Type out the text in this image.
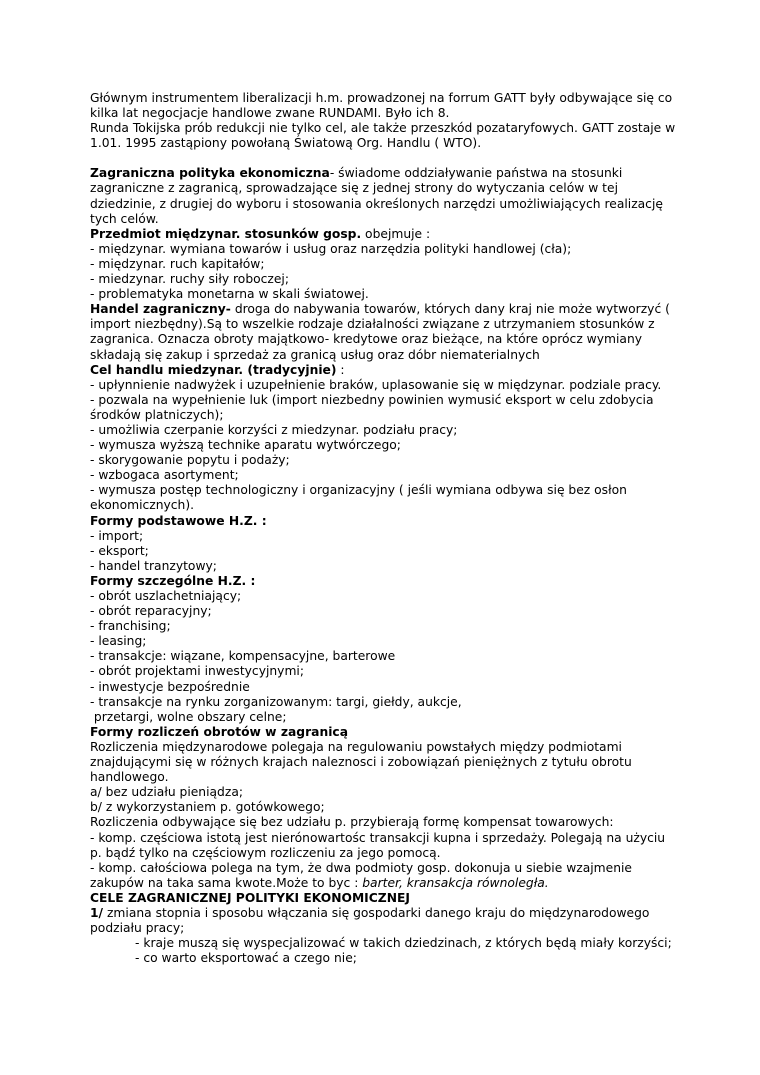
Głównym instrumentem liberalizacji h.m. prowadzonej na forrum GATT były odbywające się co kilka lat negocjacje handlowe zwane RUNDAMI. Było ich 8.

Runda Tokijska prób redukcji nie tylko cel, ale także przeszkód pozataryfowych. GATT zostaje w 1.01. 1995 zastąpiony powołaną Światową Org. Handlu ( WTO).

Zagraniczna polityka ekonomiczna- świadome oddziaływanie państwa na stosunki zagraniczne z zagranicą, sprowadzające się z jednej strony do wytyczania celów w tej dziedzinie, z drugiej do wyboru i stosowania określonych narzędzi umożliwiających realizację tych celów.

Przedmiot międzynar. stosunków gosp. obejmuje :

- międzynar. wymiana towarów i usług oraz narzędzia polityki handlowej (cła);

- międzynar. ruch kapitałów;

- miedzynar. ruchy siły roboczej;

- problematyka monetarna w skali światowej.

Handel zagraniczny- droga do nabywania towarów, których dany kraj nie może wytworzyć ( import niezbędny).Są to wszelkie rodzaje działalności związane z utrzymaniem stosunków z zagranica. Oznacza obroty majątkowo- kredytowe oraz bieżące, na które oprócz wymiany składają się zakup i sprzedaż za granicą usług oraz dóbr niematerialnych

Cel handlu miedzynar. (tradycyjnie) :

- upłynnienie nadwyżek i uzupełnienie braków, uplasowanie się w międzynar. podziale pracy.

- pozwala na wypełnienie luk (import niezbedny powinien wymusić eksport w celu zdobycia środków platniczych);

- umożliwia czerpanie korzyści z miedzynar. podziału pracy;

- wymusza wyższą technike aparatu wytwórczego;

- skorygowanie popytu i podaży;

- wzbogaca asortyment;

- wymusza postęp technologiczny i organizacyjny ( jeśli wymiana odbywa się bez osłon ekonomicznych).

Formy podstawowe H.Z. :

- import;

- eksport;

- handel tranzytowy;

Formy szczególne H.Z. :

- obrót uszlachetniający;

- obrót reparacyjny;

- franchising;

- leasing;

- transakcje: wiązane, kompensacyjne, barterowe

- obrót projektami inwestycyjnymi;

- inwestycje bezpośrednie

- transakcje na rynku zorganizowanym: targi, giełdy, aukcje,

przetargi, wolne obszary celne;

Formy rozliczeń obrotów w zagranicą

Rozliczenia międzynarodowe polegaja na regulowaniu powstałych między podmiotami znajdującymi się w różnych krajach naleznosci i zobowiązań pieniężnych z tytułu obrotu handlowego.

a/ bez udziału pieniądza;

b/ z wykorzystaniem p. gotówkowego;

Rozliczenia odbywające się bez udziału p. przybierają formę kompensat towarowych:

- komp. częściowa istotą jest nierónowartośc transakcji kupna i sprzedaży. Polegają na użyciu p. bądź tylko na częściowym rozliczeniu za jego pomocą.

- komp. całościowa polega na tym, że dwa podmioty gosp. dokonuja u siebie wzajmenie zakupów na taka sama kwote.Może to byc : barter, kransakcja równoległa.

CELE ZAGRANICZNEJ POLITYKI EKONOMICZNEJ

1/ zmiana stopnia i sposobu włączania się gospodarki danego kraju do międzynarodowego podziału pracy;

- kraje muszą się wyspecjalizować w takich dziedzinach, z których będą miały korzyści;

- co warto eksportować a czego nie;
